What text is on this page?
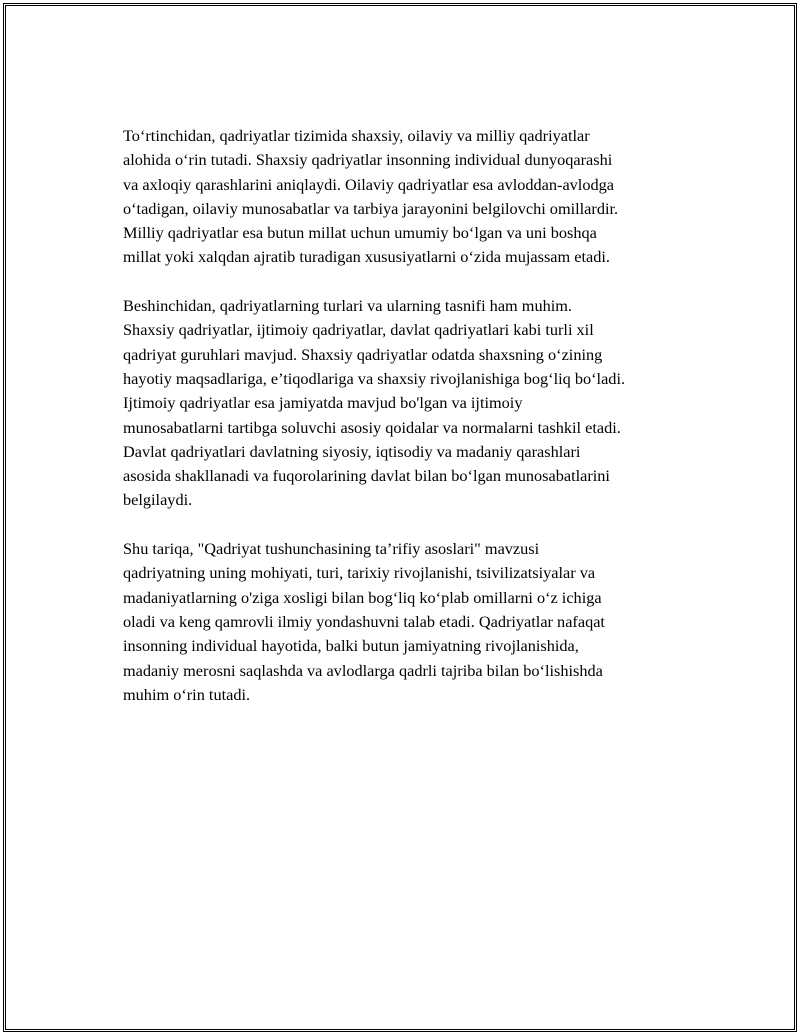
To‘rtinchidan, qadriyatlar tizimida shaxsiy, oilaviy va milliy qadriyatlar
alohida o‘rin tutadi. Shaxsiy qadriyatlar insonning individual dunyoqarashi
va axloqiy qarashlarini aniqlaydi. Oilaviy qadriyatlar esa avloddan-avlodga
o‘tadigan, oilaviy munosabatlar va tarbiya jarayonini belgilovchi omillardir.
Milliy qadriyatlar esa butun millat uchun umumiy bo‘lgan va uni boshqa
millat yoki xalqdan ajratib turadigan xususiyatlarni o‘zida mujassam etadi.

Beshinchidan, qadriyatlarning turlari va ularning tasnifi ham muhim.
Shaxsiy qadriyatlar, ijtimoiy qadriyatlar, davlat qadriyatlari kabi turli xil
qadriyat guruhlari mavjud. Shaxsiy qadriyatlar odatda shaxsning o‘zining
hayotiy maqsadlariga, e’tiqodlariga va shaxsiy rivojlanishiga bog‘liq bo‘ladi.
Ijtimoiy qadriyatlar esa jamiyatda mavjud bo'lgan va ijtimoiy
munosabatlarni tartibga soluvchi asosiy qoidalar va normalarni tashkil etadi.
Davlat qadriyatlari davlatning siyosiy, iqtisodiy va madaniy qarashlari
asosida shakllanadi va fuqorolarining davlat bilan bo‘lgan munosabatlarini
belgilaydi.

Shu tariqa, "Qadriyat tushunchasining ta’rifiy asoslari" mavzusi
qadriyatning uning mohiyati, turi, tarixiy rivojlanishi, tsivilizatsiyalar va
madaniyatlarning o'ziga xosligi bilan bog‘liq ko‘plab omillarni o‘z ichiga
oladi va keng qamrovli ilmiy yondashuvni talab etadi. Qadriyatlar nafaqat
insonning individual hayotida, balki butun jamiyatning rivojlanishida,
madaniy merosni saqlashda va avlodlarga qadrli tajriba bilan bo‘lishishda
muhim o‘rin tutadi.
